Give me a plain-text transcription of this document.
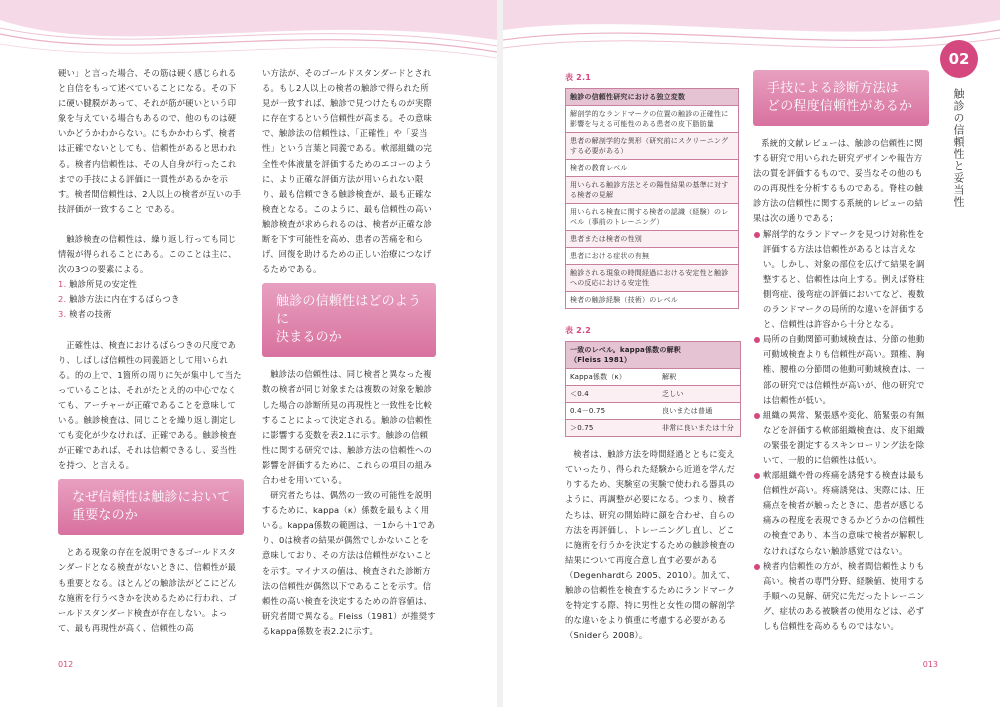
硬い」と言った場合、その筋は硬く感じられると自信をもって述べていることになる。その下に硬い腱膜があって、それが筋が硬いという印象を与えている場合もあるので、他のものは硬いかどうかわからない。にもかかわらず、検者は正確でないとしても、信頼性があると思われる。検者内信頼性は、その人自身が行ったこれまでの手技による評価に一貫性があるかを示す。検者間信頼性は、2人以上の検者が互いの手技評価が一致すること である。

触診検査の信頼性は、繰り返し行っても同じ情報が得られることにある。このことは主に、次の3つの要素による。

1. 触診所見の安定性
2. 触診方法に内在するばらつき
3. 検者の技術

正確性は、検査におけるばらつきの尺度であり、しばしば信頼性の同義語として用いられる。的の上で、1箇所の周りに矢が集中して当たっていることは、それがたとえ的の中心でなくても、アーチャーが正確であることを意味している。触診検査は、同じことを繰り返し測定しても変化が少なければ、正確である。触診検査が正確であれば、それは信頼できるし、妥当性を持つ、と言える。

なぜ信頼性は触診において
重要なのか

とある現象の存在を説明できるゴールドスタンダードとなる検査がないときに、信頼性が最も重要となる。ほとんどの触診法がどこにどんな施術を行うべきかを決めるために行われ、ゴールドスタンダード検査が存在しない。よって、最も再現性が高く、信頼性の高

い方法が、そのゴールドスタンダードとされる。もし2人以上の検者の触診で得られた所見が一致すれば、触診で見つけたものが実際に存在するという信頼性が高まる。その意味で、触診法の信頼性は、「正確性」や「妥当性」という言葉と同義である。軟部組織の完全性や体液量を評価するためのエコーのように、より正確な評価方法が用いられない限り、最も信頼できる触診検査が、最も正確な検査となる。このように、最も信頼性の高い触診検査が求められるのは、検者が正確な診断を下す可能性を高め、患者の苦痛を和らげ、回復を助けるための正しい治療につなげるためである。

触診の信頼性はどのように
決まるのか

触診法の信頼性は、同じ検者と異なった複数の検者が同じ対象または複数の対象を触診した場合の診断所見の再現性と一致性を比較することによって決定される。触診の信頼性に影響する変数を表2.1に示す。触診の信頼性に関する研究では、触診方法の信頼性への影響を評価するために、これらの項目の組み合わせを用いている。

研究者たちは、偶然の一致の可能性を説明するために、kappa（κ）係数を最もよく用いる。kappa係数の範囲は、－1から＋1であり、0は検者の結果が偶然でしかないことを意味しており、その方法は信頼性がないことを示す。マイナスの値は、検査された診断方法の信頼性が偶然以下であることを示す。信頼性の高い検査を決定するための許容値は、研究者間で異なる。Fleiss（1981）が推奨するkappa係数を表2.2に示す。

012
02
触診の信頼性と妥当性
表 2.1
触診の信頼性研究における独立変数
解剖学的なランドマークの位置の触診の正確性に影響を与える可能性のある患者の皮下脂肪量
患者の解剖学的な異形（研究前にスクリーニングする必要がある）
検者の教育レベル
用いられる触診方法とその陽性結果の基準に対する検者の見解
用いられる検査に関する検者の認識（経験）のレベル（事前のトレーニング）
患者または検者の性別
患者における症状の有無
触診される現象の時間経過における安定性と触診への反応における安定性
検者の触診経験（技術）のレベル
表 2.2
一致のレベル。kappa係数の解釈
（Fleiss 1981）
Kappa係数（κ）	解釈
＜0.4	乏しい
0.4－0.75	良いまたは普通
＞0.75	非常に良いまたは十分

検者は、触診方法を時間経過とともに変えていったり、得られた経験から近道を学んだりするため、実験室の実験で使われる器具のように、再調整が必要になる。つまり、検者たちは、研究の開始時に顔を合わせ、自らの方法を再評価し、トレーニングし直し、どこに施術を行うかを決定するための触診検査の結果について再度合意し直す必要がある（Degenhardtら 2005、2010）。加えて、触診の信頼性を検査するためにランドマークを特定する際、特に男性と女性の間の解剖学的な違いをより慎重に考慮する必要がある（Sniderら 2008）。

手技による診断方法は
どの程度信頼性があるか

系統的文献レビューは、触診の信頼性に関する研究で用いられた研究デザインや報告方法の質を評価するもので、妥当なその他のものの再現性を分析するものである。脊柱の触診方法の信頼性に関する系統的レビューの結果は次の通りである；

解剖学的なランドマークを見つけ対称性を評価する方法は信頼性があるとは言えない。しかし、対象の部位を広げて結果を調整すると、信頼性は向上する。例えば脊柱側弯症、後弯症の評価においてなど、複数のランドマークの局所的な違いを評価すると、信頼性は許容から十分となる。
局所の自動関節可動域検査は、分節の他動可動域検査よりも信頼性が高い。頸椎、胸椎、腰椎の分節間の他動可動域検査は、一部の研究では信頼性が高いが、他の研究では信頼性が低い。
組織の異常、緊張感や変化、筋緊張の有無などを評価する軟部組織検査は、皮下組織の緊張を測定するスキンローリング法を除いて、一般的に信頼性は低い。
軟部組織や骨の疼痛を誘発する検査は最も信頼性が高い。疼痛誘発は、実際には、圧痛点を検者が触ったときに、患者が感じる痛みの程度を表現できるかどうかの信頼性の検査であり、本当の意味で検者が解釈しなければならない触診感覚ではない。
検者内信頼性の方が、検者間信頼性よりも高い。検者の専門分野、経験値、使用する手順への見解、研究に先だったトレーニング、症状のある被験者の使用などは、必ずしも信頼性を高めるものではない。
013
